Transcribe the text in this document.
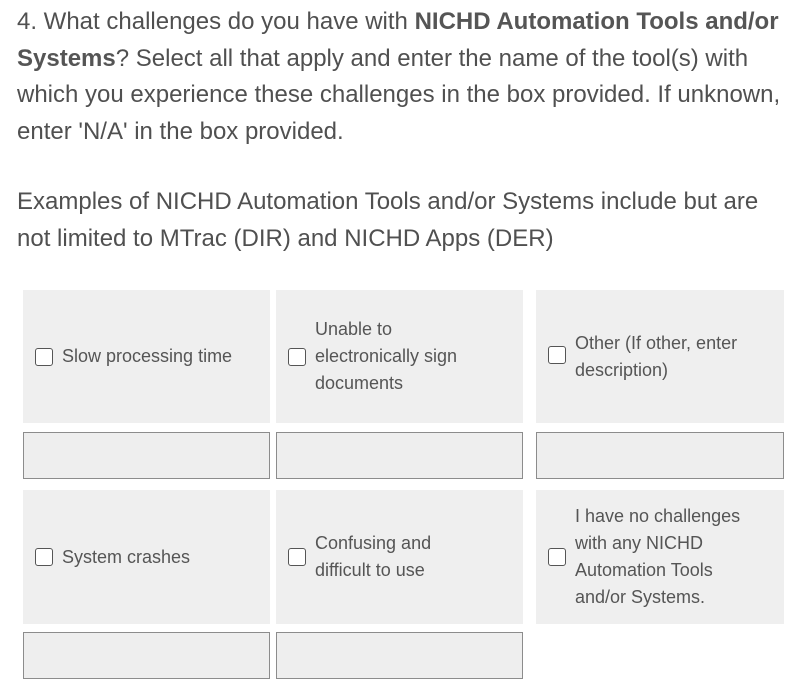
4. What challenges do you have with NICHD Automation Tools and/or Systems? Select all that apply and enter the name of the tool(s) with which you experience these challenges in the box provided. If unknown, enter 'N/A' in the box provided.

Examples of NICHD Automation Tools and/or Systems include but are not limited to MTrac (DIR) and NICHD Apps (DER)

Slow processing time
Unable to electronically sign documents
Other (If other, enter description)
System crashes
Confusing and difficult to use
I have no challenges with any NICHD Automation Tools and/or Systems.
